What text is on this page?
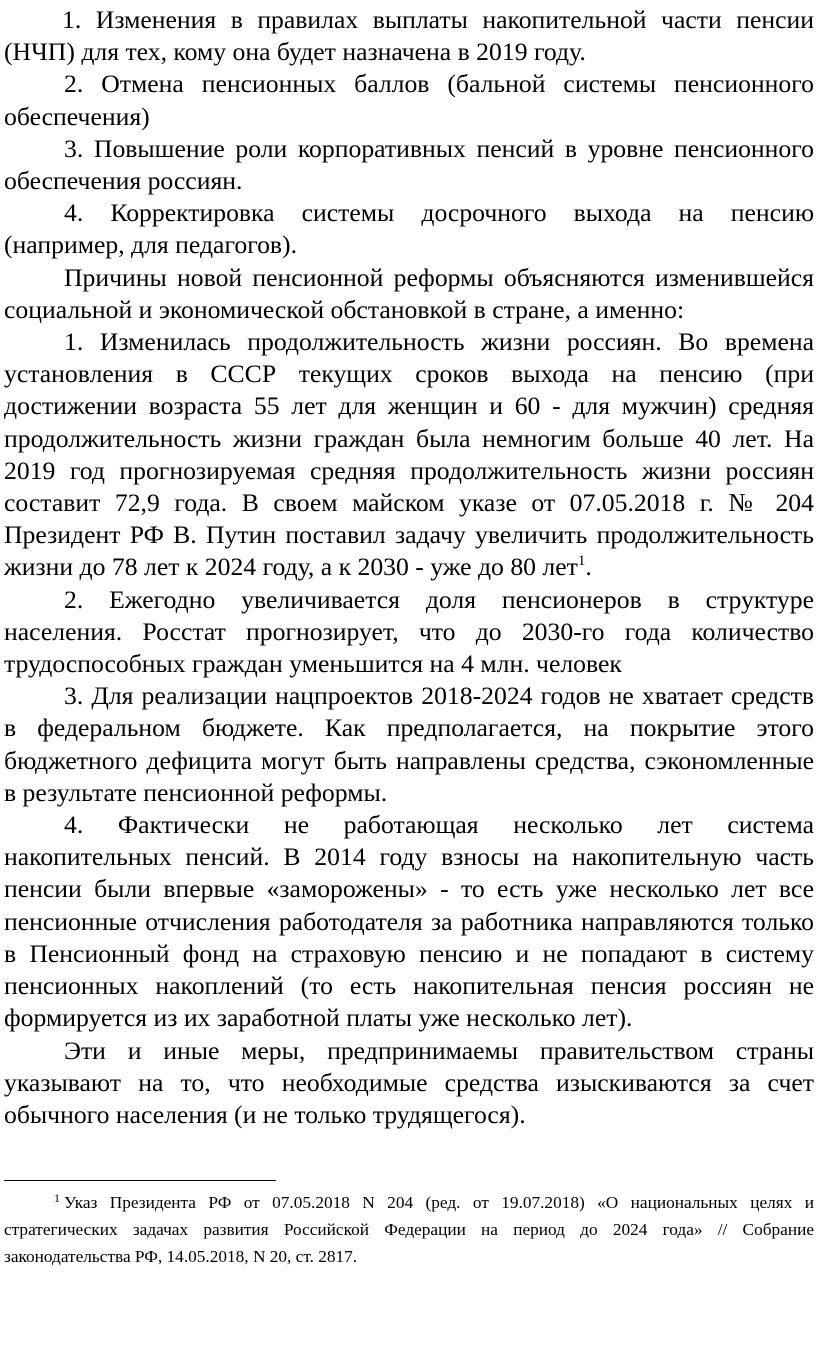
1. Изменения в правилах выплаты накопительной части пенсии (НЧП) для тех, кому она будет назначена в 2019 году.

2. Отмена пенсионных баллов (бальной системы пенсионного обеспечения)

3. Повышение роли корпоративных пенсий в уровне пенсионного обеспечения россиян.

4. Корректировка системы досрочного выхода на пенсию (например, для педагогов).

Причины новой пенсионной реформы объясняются изменившейся социальной и экономической обстановкой в стране, а именно:

1. Изменилась продолжительность жизни россиян. Во времена установления в СССР текущих сроков выхода на пенсию (при достижении возраста 55 лет для женщин и 60 - для мужчин) средняя продолжительность жизни граждан была немногим больше 40 лет. На 2019 год прогнозируемая средняя продолжительность жизни россиян составит 72,9 года. В своем майском указе от 07.05.2018 г. № 204 Президент РФ В. Путин поставил задачу увеличить продолжительность жизни до 78 лет к 2024 году, а к 2030 - уже до 80 лет$^1$.

2. Ежегодно увеличивается доля пенсионеров в структуре населения. Росстат прогнозирует, что до 2030-го года количество трудоспособных граждан уменьшится на 4 млн. человек

3. Для реализации нацпроектов 2018-2024 годов не хватает средств в федеральном бюджете. Как предполагается, на покрытие этого бюджетного дефицита могут быть направлены средства, сэкономленные в результате пенсионной реформы.

4. Фактически не работающая несколько лет система накопительных пенсий. В 2014 году взносы на накопительную часть пенсии были впервые «заморожены» - то есть уже несколько лет все пенсионные отчисления работодателя за работника направляются только в Пенсионный фонд на страховую пенсию и не попадают в систему пенсионных накоплений (то есть накопительная пенсия россиян не формируется из их заработной платы уже несколько лет).

Эти и иные меры, предпринимаемы правительством страны указывают на то, что необходимые средства изыскиваются за счет обычного населения (и не только трудящегося).

$^1$ Указ Президента РФ от 07.05.2018 N 204 (ред. от 19.07.2018) «О национальных целях и стратегических задачах развития Российской Федерации на период до 2024 года» // Собрание законодательства РФ, 14.05.2018, N 20, ст. 2817.
